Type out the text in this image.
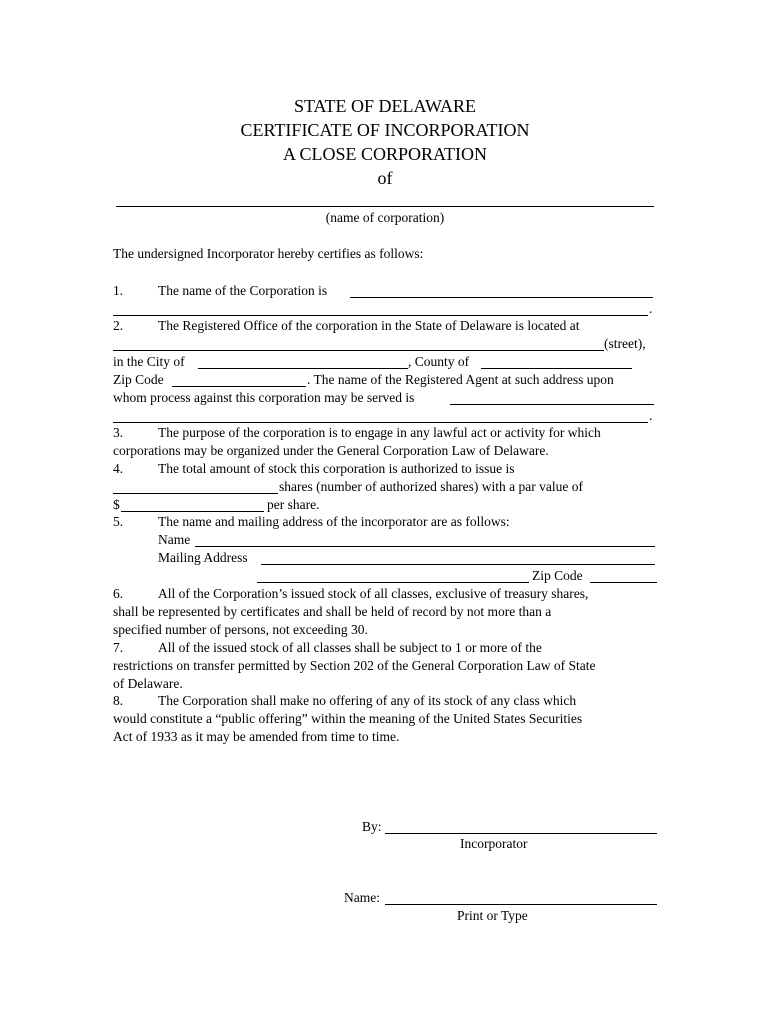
STATE OF DELAWARE
CERTIFICATE OF INCORPORATION
A CLOSE CORPORATION
of
(name of corporation)
The undersigned Incorporator hereby certifies as follows:
1.	The name of the Corporation is
.
2.	The Registered Office of the corporation in the State of Delaware is located at
(street),
in the City of	, County of
Zip Code	. The name of the Registered Agent at such address upon
whom process against this corporation may be served is
.
3.	The purpose of the corporation is to engage in any lawful act or activity for which
corporations may be organized under the General Corporation Law of Delaware.
4.	The total amount of stock this corporation is authorized to issue is
shares (number of authorized shares) with a par value of
$	per share.
5.	The name and mailing address of the incorporator are as follows:
Name
Mailing Address
Zip Code
6.	All of the Corporation’s issued stock of all classes, exclusive of treasury shares,
shall be represented by certificates and shall be held of record by not more than a
specified number of persons, not exceeding 30.
7.	All of the issued stock of all classes shall be subject to 1 or more of the
restrictions on transfer permitted by Section 202 of the General Corporation Law of State
of Delaware.
8.	The Corporation shall make no offering of any of its stock of any class which
would constitute a “public offering” within the meaning of the United States Securities
Act of 1933 as it may be amended from time to time.
By:
Incorporator
Name:
Print or Type
